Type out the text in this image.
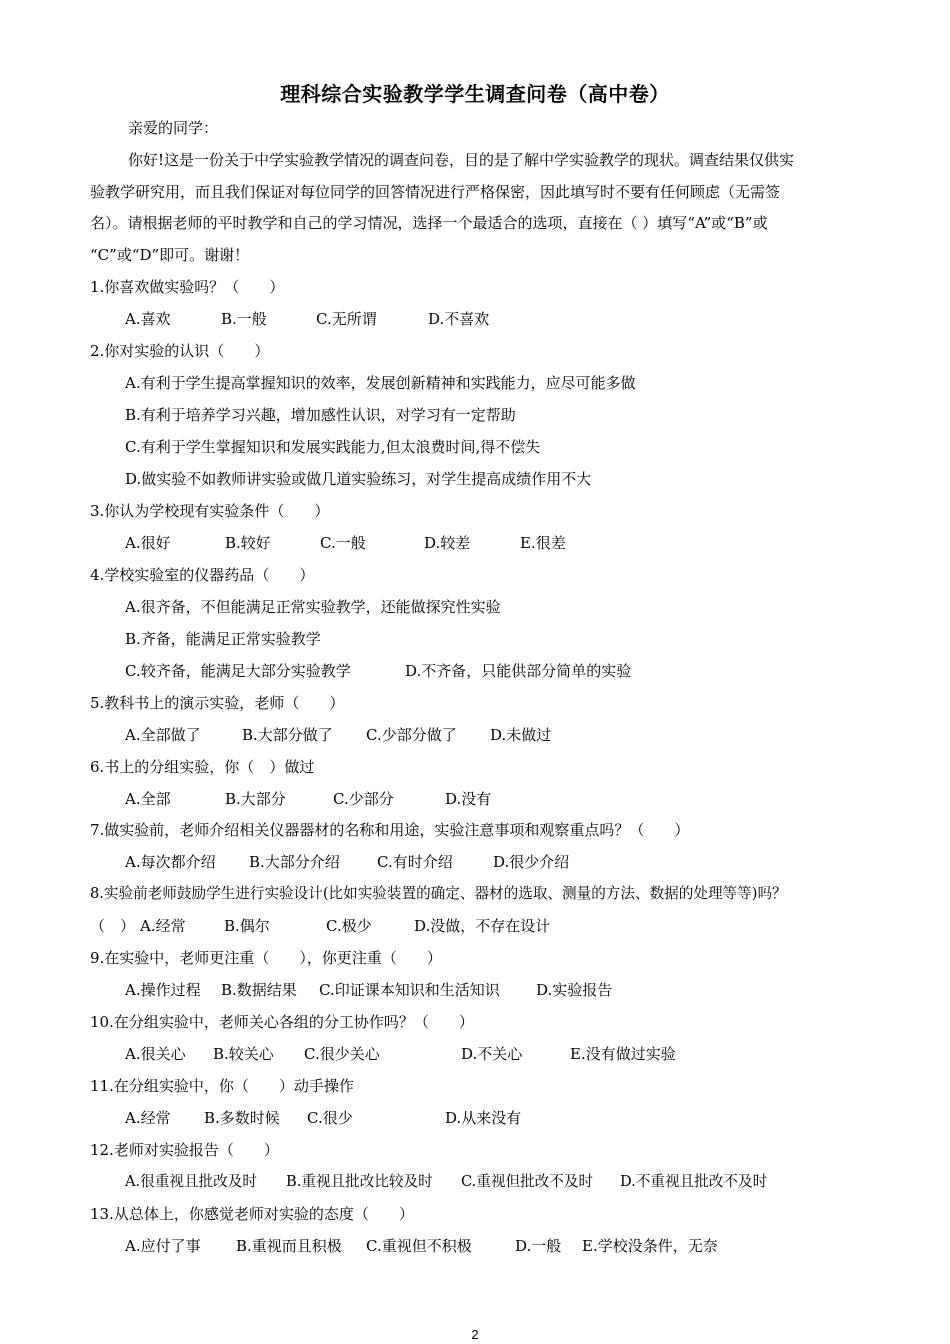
理科综合实验教学学生调查问卷（高中卷）
亲爱的同学：
你好!这是一份关于中学实验教学情况的调查问卷，目的是了解中学实验教学的现状。调查结果仅供实
验教学研究用，而且我们保证对每位同学的回答情况进行严格保密，因此填写时不要有任何顾虑（无需签
名）。请根据老师的平时教学和自己的学习情况，选择一个最适合的选项，直接在（ ）填写“A”或“B”或
“C”或“D”即可。谢谢！
1.你喜欢做实验吗？（　　）
A.喜欢	B.一般	C.无所谓	D.不喜欢
2.你对实验的认识（　　）
A.有利于学生提高掌握知识的效率，发展创新精神和实践能力，应尽可能多做
B.有利于培养学习兴趣，增加感性认识，对学习有一定帮助
C.有利于学生掌握知识和发展实践能力,但太浪费时间,得不偿失
D.做实验不如教师讲实验或做几道实验练习，对学生提高成绩作用不大
3.你认为学校现有实验条件（　　）
A.很好	B.较好	C.一般	D.较差	E.很差
4.学校实验室的仪器药品（　　）
A.很齐备，不但能满足正常实验教学，还能做探究性实验
B.齐备，能满足正常实验教学
C.较齐备，能满足大部分实验教学	D.不齐备，只能供部分简单的实验
5.教科书上的演示实验，老师（　　）
A.全部做了	B.大部分做了 C.少部分做了 D.未做过
6.书上的分组实验，你（　）做过
A.全部	B.大部分	C.少部分	D.没有
7.做实验前，老师介绍相关仪器器材的名称和用途，实验注意事项和观察重点吗？（　　）
A.每次都介绍 B.大部分介绍 C.有时介绍	D.很少介绍
8.实验前老师鼓励学生进行实验设计(比如实验装置的确定、器材的选取、测量的方法、数据的处理等等)吗？
（　） A.经常	B.偶尔	C.极少	D.没做，不存在设计
9.在实验中，老师更注重（　　），你更注重（　　）
A.操作过程 B.数据结果 C.印证课本知识和生活知识 D.实验报告
10.在分组实验中，老师关心各组的分工协作吗？（　　）
A.很关心 B.较关心 C.很少关心	D.不关心	E.没有做过实验
11.在分组实验中，你（　　）动手操作
A.经常 B.多数时候 C.很少	D.从来没有
12.老师对实验报告（　　）
A.很重视且批改及时 B.重视且批改比较及时 C.重视但批改不及时 D.不重视且批改不及时
13.从总体上，你感觉老师对实验的态度（　　）
A.应付了事 B.重视而且积极 C.重视但不积极	D.一般 E.学校没条件，无奈
2
